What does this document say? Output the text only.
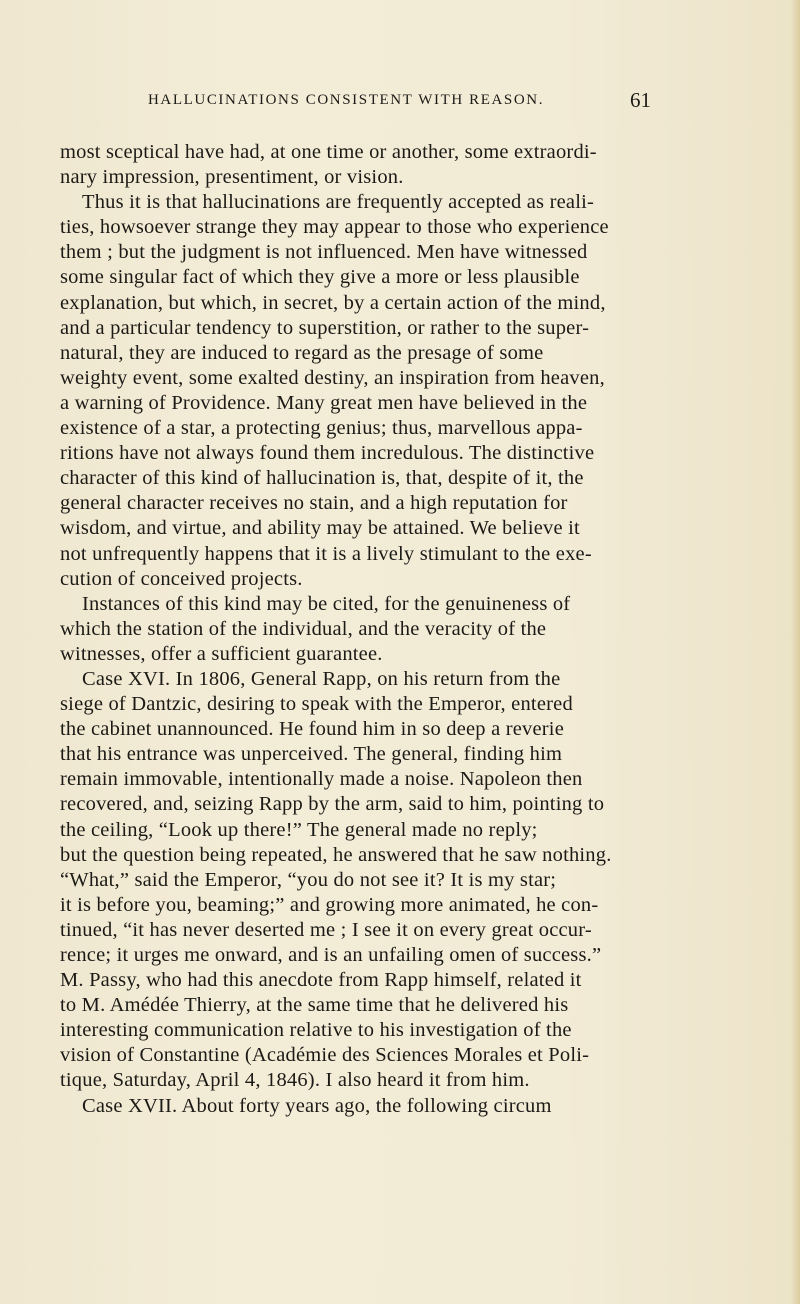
HALLUCINATIONS CONSISTENT WITH REASON.	61
most sceptical have had, at one time or another, some extraordi-
nary impression, presentiment, or vision.
Thus it is that hallucinations are frequently accepted as reali-
ties, howsoever strange they may appear to those who experience
them ; but the judgment is not influenced. Men have witnessed
some singular fact of which they give a more or less plausible
explanation, but which, in secret, by a certain action of the mind,
and a particular tendency to superstition, or rather to the super-
natural, they are induced to regard as the presage of some
weighty event, some exalted destiny, an inspiration from heaven,
a warning of Providence. Many great men have believed in the
existence of a star, a protecting genius; thus, marvellous appa-
ritions have not always found them incredulous. The distinctive
character of this kind of hallucination is, that, despite of it, the
general character receives no stain, and a high reputation for
wisdom, and virtue, and ability may be attained. We believe it
not unfrequently happens that it is a lively stimulant to the exe-
cution of conceived projects.
Instances of this kind may be cited, for the genuineness of
which the station of the individual, and the veracity of the
witnesses, offer a sufficient guarantee.
Case XVI. In 1806, General Rapp, on his return from the
siege of Dantzic, desiring to speak with the Emperor, entered
the cabinet unannounced. He found him in so deep a reverie
that his entrance was unperceived. The general, finding him
remain immovable, intentionally made a noise. Napoleon then
recovered, and, seizing Rapp by the arm, said to him, pointing to
the ceiling, “Look up there!” The general made no reply;
but the question being repeated, he answered that he saw nothing.
“What,” said the Emperor, “you do not see it? It is my star;
it is before you, beaming;” and growing more animated, he con-
tinued, “it has never deserted me ; I see it on every great occur-
rence; it urges me onward, and is an unfailing omen of success.”
M. Passy, who had this anecdote from Rapp himself, related it
to M. Amédée Thierry, at the same time that he delivered his
interesting communication relative to his investigation of the
vision of Constantine (Académie des Sciences Morales et Poli-
tique, Saturday, April 4, 1846). I also heard it from him.
Case XVII. About forty years ago, the following circum
